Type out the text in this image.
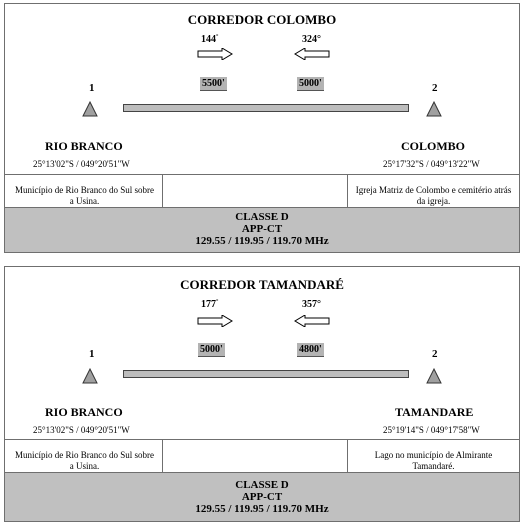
CORREDOR COLOMBO
144°	324°
5500'	5000'
1	2
RIO BRANCO
25°13'02"S / 049°20'51"W
COLOMBO
25°17'32"S / 049°13'22"W
Município de Rio Branco do Sul sobre
a Usina.
Igreja Matriz de Colombo e cemitério atrás
da igreja.
CLASSE D
APP-CT
129.55 / 119.95 / 119.70 MHz
CORREDOR TAMANDARÉ
177°	357°
5000'	4800'
1	2
RIO BRANCO
25°13'02"S / 049°20'51"W
TAMANDARE
25°19'14"S / 049°17'58"W
Município de Rio Branco do Sul sobre
a Usina.
Lago no município de Almirante
Tamandaré.
CLASSE D
APP-CT
129.55 / 119.95 / 119.70 MHz
